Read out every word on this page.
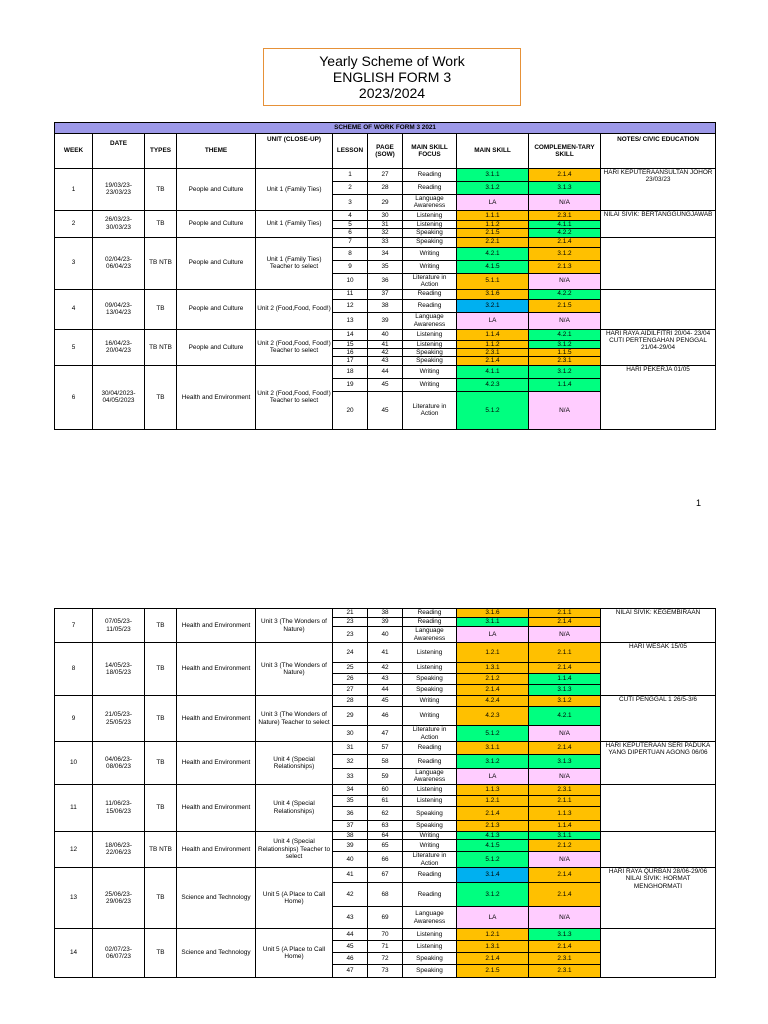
Yearly Scheme of Work
ENGLISH FORM 3
2023/2024
SCHEME OF WORK FORM 3 2021										
WEEK	DATE	TYPES	THEME	UNIT (CLOSE-UP)	LESSON	PAGE (SOW)	MAIN SKILL FOCUS	MAIN SKILL	COMPLEMEN-TARY SKILL	NOTES/ CIVIC EDUCATION
1	19/03/23-23/03/23	TB	People and Culture	Unit 1 (Family Ties)	1	27	Reading	3.1.1	2.1.4	HARI KEPUTERAANSULTAN JOHOR 23/03/23
					2	28	Reading	3.1.2	3.1.3	
					3	29	Language Awareness	LA	N/A	
2	26/03/23-30/03/23	TB	People and Culture	Unit 1 (Family Ties)	4	30	Listening	1.1.1	2.3.1	NILAI SIVIK: BERTANGGUNGJAWAB
					5	31	Listening	1.1.2	4.1.1	
					6	32	Speaking	2.1.5	4.2.2	
3	02/04/23-06/04/23	TB NTB	People and Culture	Unit 1 (Family Ties) Teacher to select	7	33	Speaking	2.2.1	2.1.4	
					8	34	Writing	4.2.1	3.1.2	
					9	35	Writing	4.1.5	2.1.3	
					10	36	Literature in Action	5.1.1	N/A	
4	09/04/23-13/04/23	TB	People and Culture	Unit 2 (Food,Food, Food!)	11	37	Reading	3.1.6	4.2.2	
					12	38	Reading	3.2.1	2.1.5	
					13	39	Language Awareness	LA	N/A	
5	16/04/23-20/04/23	TB NTB	People and Culture	Unit 2 (Food,Food, Food!) Teacher to select	14	40	Listening	1.1.4	4.2.1	HARI RAYA AIDILFITRI 20/04- 23/04 CUTI PERTENGAHAN PENGGAL 21/04-29/04
					15	41	Listening	1.1.2	3.1.2	
					16	42	Speaking	2.3.1	1.1.5	
					17	43	Speaking	2.1.4	2.3.1	
6	30/04/2023-04/05/2023	TB	Health and Environment	Unit 2 (Food,Food, Food!) Teacher to select	18	44	Writing	4.1.1	3.1.2	HARI PEKERJA 01/05
					19	45	Writing	4.2.3	1.1.4	
					20	45	Literature in Action	5.1.2	N/A	
1
7	07/05/23-11/05/23	TB	Health and Environment	Unit 3 (The Wonders of Nature)	21	38	Reading	3.1.6	2.1.1	NILAI SIVIK: KEGEMBIRAAN
					23	39	Reading	3.1.1	2.1.4	
					23	40	Language Awareness	LA	N/A	
8	14/05/23-18/05/23	TB	Health and Environment	Unit 3 (The Wonders of Nature)	24	41	Listening	1.2.1	2.1.1	HARI WESAK 15/05
					25	42	Listening	1.3.1	2.1.4	
					26	43	Speaking	2.1.2	1.1.4	
					27	44	Speaking	2.1.4	3.1.3	
9	21/05/23-25/05/23	TB	Health and Environment	Unit 3 (The Wonders of Nature) Teacher to select	28	45	Writing	4.2.4	3.1.2	CUTI PENGGAL 1 26/5-3/6
					29	46	Writing	4.2.3	4.2.1	
					30	47	Literature in Action	5.1.2	N/A	
10	04/06/23-08/06/23	TB	Health and Environment	Unit 4 (Special Relationships)	31	57	Reading	3.1.1	2.1.4	HARI KEPUTERAAN SERI PADUKA YANG DIPERTUAN AGONG 06/06
					32	58	Reading	3.1.2	3.1.3	
					33	59	Language Awareness	LA	N/A	
11	11/06/23-15/06/23	TB	Health and Environment	Unit 4 (Special Relationships)	34	60	Listening	1.1.3	2.3.1	
					35	61	Listening	1.2.1	2.1.1	
					36	62	Speaking	2.1.4	1.1.3	
					37	63	Speaking	2.1.3	1.1.4	
12	18/06/23-22/06/23	TB NTB	Health and Environment	Unit 4 (Special Relationships) Teacher to select	38	64	Writing	4.1.3	3.1.1	
					39	65	Writing	4.1.5	2.1.2	
					40	66	Literature in Action	5.1.2	N/A	
13	25/06/23-29/06/23	TB	Science and Technology	Unit 5 (A Place to Call Home)	41	67	Reading	3.1.4	2.1.4	HARI RAYA QURBAN 28/06-29/06 NILAI SIVIK: HORMAT MENGHORMATI
					42	68	Reading	3.1.2	2.1.4	
					43	69	Language Awareness	LA	N/A	
14	02/07/23-06/07/23	TB	Science and Technology	Unit 5 (A Place to Call Home)	44	70	Listening	1.2.1	3.1.3	
					45	71	Listening	1.3.1	2.1.4	
					46	72	Speaking	2.1.4	2.3.1	
					47	73	Speaking	2.1.5	2.3.1	
